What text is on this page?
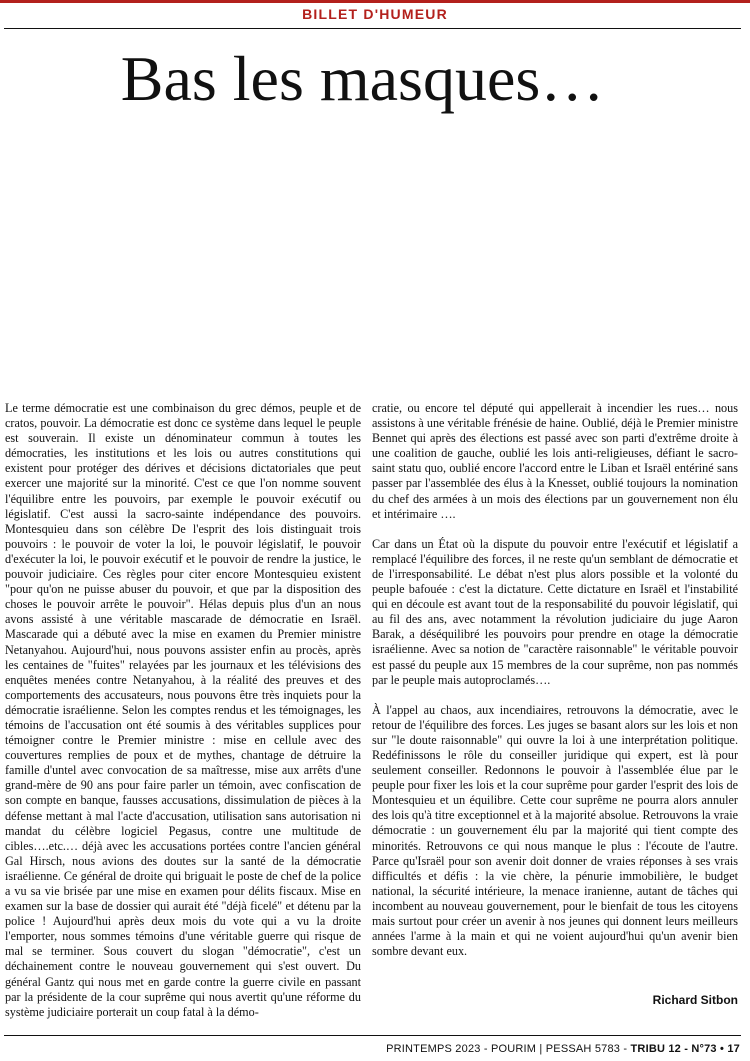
BILLET D'HUMEUR
Bas les masques…

Le terme démocratie est une combinaison du grec démos, peuple et de cratos, pouvoir. La démocratie est donc ce système dans lequel le peuple est souverain. Il existe un dénominateur commun à toutes les démocraties, les institutions et les lois ou autres constitutions qui existent pour protéger des dérives et décisions dictatoriales que peut exercer une majorité sur la minorité. C'est ce que l'on nomme souvent l'équilibre entre les pouvoirs, par exemple le pouvoir exécutif ou législatif. C'est aussi la sacro-sainte indépendance des pouvoirs. Montesquieu dans son célèbre De l'esprit des lois distinguait trois pouvoirs : le pouvoir de voter la loi, le pouvoir législatif, le pouvoir d'exécuter la loi, le pouvoir exécutif et le pouvoir de rendre la justice, le pouvoir judiciaire. Ces règles pour citer encore Montesquieu existent "pour qu'on ne puisse abuser du pouvoir, et que par la disposition des choses le pouvoir arrête le pouvoir". Hélas depuis plus d'un an nous avons assisté à une véritable mascarade de démocratie en Israël. Mascarade qui a débuté avec la mise en examen du Premier ministre Netanyahou. Aujourd'hui, nous pouvons assister enfin au procès, après les centaines de "fuites" relayées par les journaux et les télévisions des enquêtes menées contre Netanyahou, à la réalité des preuves et des comportements des accusateurs, nous pouvons être très inquiets pour la démocratie israélienne. Selon les comptes rendus et les témoignages, les témoins de l'accusation ont été soumis à des véritables supplices pour témoigner contre le Premier ministre : mise en cellule avec des couvertures remplies de poux et de mythes, chantage de détruire la famille d'untel avec convocation de sa maîtresse, mise aux arrêts d'une grand-mère de 90 ans pour faire parler un témoin, avec confiscation de son compte en banque, fausses accusations, dissimulation de pièces à la défense mettant à mal l'acte d'accusation, utilisation sans autorisation ni mandat du célèbre logiciel Pegasus, contre une multitude de cibles….etc.… déjà avec les accusations portées contre l'ancien général Gal Hirsch, nous avions des doutes sur la santé de la démocratie israélienne. Ce général de droite qui briguait le poste de chef de la police a vu sa vie brisée par une mise en examen pour délits fiscaux. Mise en examen sur la base de dossier qui aurait été "déjà ficelé" et détenu par la police ! Aujourd'hui après deux mois du vote qui a vu la droite l'emporter, nous sommes témoins d'une véritable guerre qui risque de mal se terminer. Sous couvert du slogan "démocratie", c'est un déchainement contre le nouveau gouvernement qui s'est ouvert. Du général Gantz qui nous met en garde contre la guerre civile en passant par la présidente de la cour suprême qui nous avertit qu'une réforme du système judiciaire porterait un coup fatal à la démo-

cratie, ou encore tel député qui appellerait à incendier les rues… nous assistons à une véritable frénésie de haine. Oublié, déjà le Premier ministre Bennet qui après des élections est passé avec son parti d'extrême droite à une coalition de gauche, oublié les lois anti-religieuses, défiant le sacro-saint statu quo, oublié encore l'accord entre le Liban et Israël entériné sans passer par l'assemblée des élus à la Knesset, oublié toujours la nomination du chef des armées à un mois des élections par un gouvernement non élu et intérimaire ….

Car dans un État où la dispute du pouvoir entre l'exécutif et législatif a remplacé l'équilibre des forces, il ne reste qu'un semblant de démocratie et de l'irresponsabilité. Le débat n'est plus alors possible et la volonté du peuple bafouée : c'est la dictature. Cette dictature en Israël et l'instabilité qui en découle est avant tout de la responsabilité du pouvoir législatif, qui au fil des ans, avec notamment la révolution judiciaire du juge Aaron Barak, a déséquilibré les pouvoirs pour prendre en otage la démocratie israélienne. Avec sa notion de "caractère raisonnable" le véritable pouvoir est passé du peuple aux 15 membres de la cour suprême, non pas nommés par le peuple mais autoproclamés….

À l'appel au chaos, aux incendiaires, retrouvons la démocratie, avec le retour de l'équilibre des forces. Les juges se basant alors sur les lois et non sur "le doute raisonnable" qui ouvre la loi à une interprétation politique. Redéfinissons le rôle du conseiller juridique qui expert, est là pour seulement conseiller. Redonnons le pouvoir à l'assemblée élue par le peuple pour fixer les lois et la cour suprême pour garder l'esprit des lois de Montesquieu et un équilibre. Cette cour suprême ne pourra alors annuler des lois qu'à titre exceptionnel et à la majorité absolue. Retrouvons la vraie démocratie : un gouvernement élu par la majorité qui tient compte des minorités. Retrouvons ce qui nous manque le plus : l'écoute de l'autre. Parce qu'Israël pour son avenir doit donner de vraies réponses à ses vrais difficultés et défis : la vie chère, la pénurie immobilière, le budget national, la sécurité intérieure, la menace iranienne, autant de tâches qui incombent au nouveau gouvernement, pour le bienfait de tous les citoyens mais surtout pour créer un avenir à nos jeunes qui donnent leurs meilleurs années l'arme à la main et qui ne voient aujourd'hui qu'un avenir bien sombre devant eux.

Richard Sitbon
PRINTEMPS 2023 - POURIM | PESSAH 5783 - TRIBU 12 - N°73 • 17
